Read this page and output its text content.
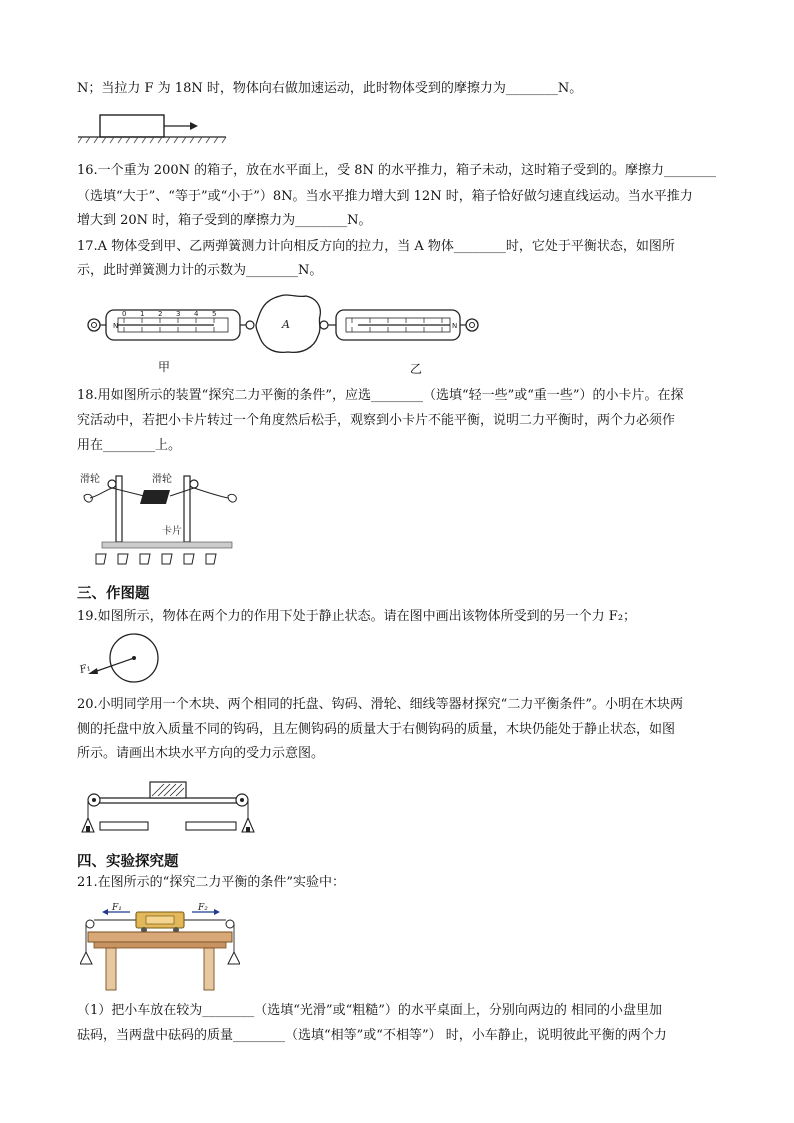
N；当拉力 F 为 18N 时，物体向右做加速运动，此时物体受到的摩擦力为________N。
16.一个重为 200N 的箱子，放在水平面上，受 8N 的水平推力，箱子未动，这时箱子受到的。摩擦力________
（选填“大于”、“等于”或“小于”）8N。当水平推力增大到 12N 时，箱子恰好做匀速直线运动。当水平推力
增大到 20N 时，箱子受到的摩擦力为________N。
17.A 物体受到甲、乙两弹簧测力计向相反方向的拉力，当 A 物体________时，它处于平衡状态，如图所
示，此时弹簧测力计的示数为________N。
N
0 1 2 3 4 5
A	N
甲	乙
18.用如图所示的装置“探究二力平衡的条件”，应选________（选填“轻一些”或“重一些”）的小卡片。在探
究活动中，若把小卡片转过一个角度然后松手，观察到小卡片不能平衡，说明二力平衡时，两个力必须作
用在________上。
滑轮	滑轮
卡片
三、作图题
19.如图所示，物体在两个力的作用下处于静止状态。请在图中画出该物体所受到的另一个力 F₂；
F₁
20.小明同学用一个木块、两个相同的托盘、钩码、滑轮、细线等器材探究“二力平衡条件”。小明在木块两
侧的托盘中放入质量不同的钩码，且左侧钩码的质量大于右侧钩码的质量，木块仍能处于静止状态，如图
所示。请画出木块水平方向的受力示意图。
四、实验探究题
21.在图所示的“探究二力平衡的条件”实验中：
F₁	F₂
（1）把小车放在较为________（选填“光滑”或“粗糙”）的水平桌面上，分别向两边的 相同的小盘里加
砝码，当两盘中砝码的质量________（选填“相等”或“不相等”） 时，小车静止，说明彼此平衡的两个力
